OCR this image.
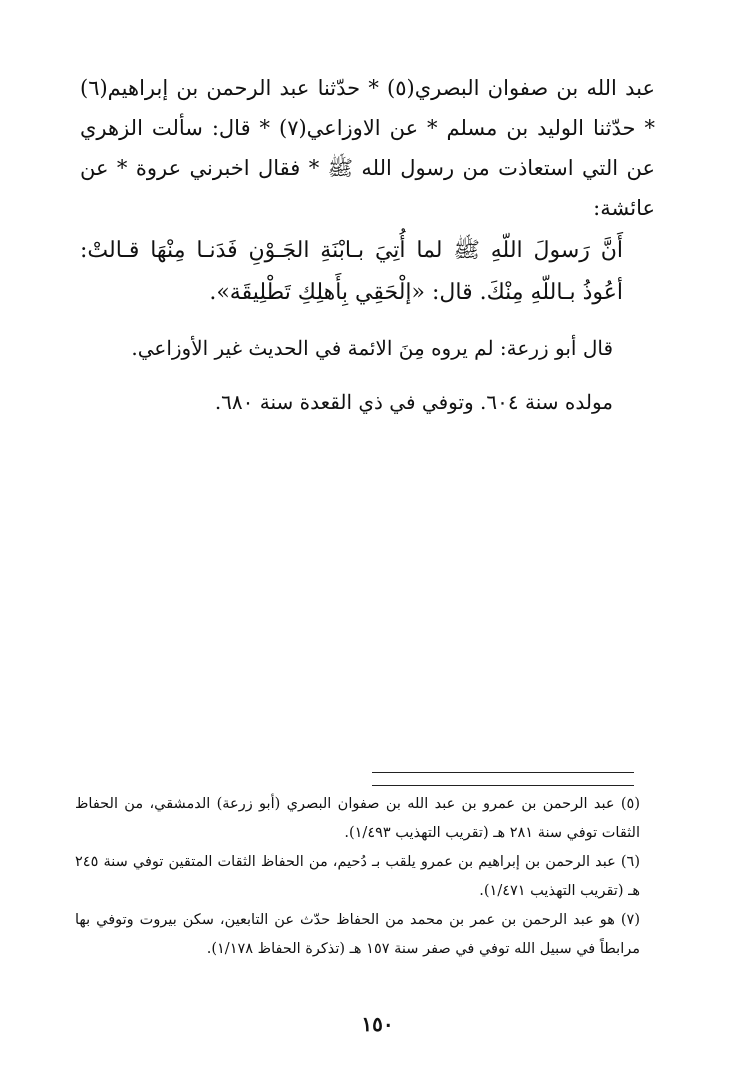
عبد الله بن صفوان البصري(٥) * حدّثنا عبد الرحمن بن إبراهيم(٦) * حدّثنا الوليد بن مسلم * عن الاوزاعي(٧) * قال: سألت الزهري عن التي استعاذت من رسول الله ﷺ * فقال اخبرني عروة * عن عائشة:

أَنَّ رَسولَ اللّهِ ﷺ لما أُتِيَ بـابْنَةِ الجَـوْنِ فَدَنـا مِنْهَا قـالتْ: أعُوذُ بـاللّهِ مِنْكَ. قال: «إلْحَقِي بِأَهلِكِ تَطْلِيقَة».

قال أبو زرعة: لم يروه مِنَ الائمة في الحديث غير الأوزاعي.

مولده سنة ٦٠٤. وتوفي في ذي القعدة سنة ٦٨٠.

(٥) عبد الرحمن بن عمرو بن عبد الله بن صفوان البصري (أبو زرعة) الدمشقي، من الحفاظ الثقات توفي سنة ٢٨١ هـ (تقريب التهذيب ١/٤٩٣).

(٦) عبد الرحمن بن إبراهيم بن عمرو يلقب بـ دُحيم، من الحفاظ الثقات المتقين توفي سنة ٢٤٥ هـ (تقريب التهذيب ١/٤٧١).

(٧) هو عبد الرحمن بن عمر بن محمد من الحفاظ حدّث عن التابعين، سكن بيروت وتوفي بها مرابطاً في سبيل الله توفي في صفر سنة ١٥٧ هـ (تذكرة الحفاظ ١/١٧٨).

١٥٠
